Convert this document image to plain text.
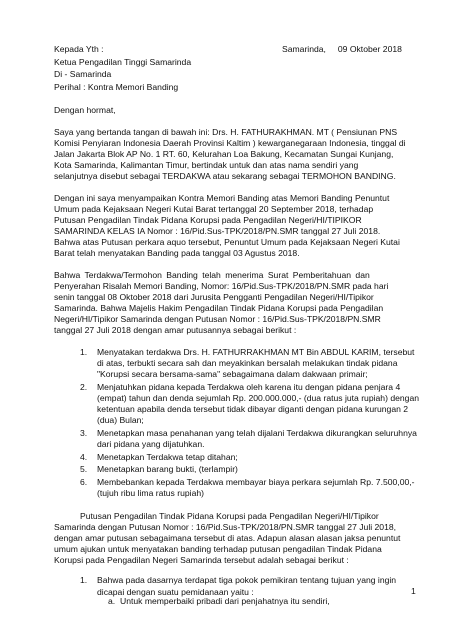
Kepada Yth :	Samarinda,     09 Oktober 2018
Ketua Pengadilan Tinggi Samarinda
Di - Samarinda
Perihal : Kontra Memori Banding
Dengan hormat,
Saya yang bertanda tangan di bawah ini: Drs. H. FATHURAKHMAN. MT ( Pensiunan PNS
Komisi Penyiaran Indonesia Daerah Provinsi Kaltim ) kewarganegaraan Indonesia, tinggal di
Jalan Jakarta Blok AP No. 1 RT. 60, Kelurahan Loa Bakung, Kecamatan Sungai Kunjang,
Kota Samarinda, Kalimantan Timur, bertindak untuk dan atas nama sendiri yang
selanjutnya disebut sebagai TERDAKWA atau sekarang sebagai TERMOHON BANDING.
Dengan ini saya menyampaikan Kontra Memori Banding atas Memori Banding Penuntut
Umum pada Kejaksaan Negeri Kutai Barat tertanggal 20 September 2018, terhadap
Putusan Pengadilan Tindak Pidana Korupsi pada Pengadilan Negeri/HI/TIPIKOR
SAMARINDA KELAS IA Nomor : 16/Pid.Sus-TPK/2018/PN.SMR tanggal 27 Juli 2018.
Bahwa atas Putusan perkara aquo tersebut, Penuntut Umum pada Kejaksaan Negeri Kutai
Barat telah menyatakan Banding pada tanggal 03 Agustus 2018.
Bahwa Terdakwa/Termohon Banding telah menerima Surat Pemberitahuan dan
Penyerahan Risalah Memori Banding, Nomor: 16/Pid.Sus-TPK/2018/PN.SMR pada hari
senin tanggal 08 Oktober 2018 dari Jurusita Pengganti Pengadilan Negeri/HI/Tipikor
Samarinda. Bahwa Majelis Hakim Pengadilan Tindak Pidana Korupsi pada Pengadilan
Negeri/HI/Tipikor Samarinda dengan Putusan Nomor : 16/Pid.Sus-TPK/2018/PN.SMR
tanggal 27 Juli 2018 dengan amar putusannya sebagai berikut :
1. Menyatakan terdakwa Drs. H. FATHURRAKHMAN MT Bin ABDUL KARIM, tersebut
di atas, terbukti secara sah dan meyakinkan bersalah melakukan tindak pidana
"Korupsi secara bersama-sama" sebagaimana dalam dakwaan primair;
2. Menjatuhkan pidana kepada Terdakwa oleh karena itu dengan pidana penjara 4
(empat) tahun dan denda sejumlah Rp. 200.000.000,- (dua ratus juta rupiah) dengan
ketentuan apabila denda tersebut tidak dibayar diganti dengan pidana kurungan 2
(dua) Bulan;
3. Menetapkan masa penahanan yang telah dijalani Terdakwa dikurangkan seluruhnya
dari pidana yang dijatuhkan.
4. Menetapkan Terdakwa tetap ditahan;
5. Menetapkan barang bukti, (terlampir)
6. Membebankan kepada Terdakwa membayar biaya perkara sejumlah Rp. 7.500,00,-
(tujuh ribu lima ratus rupiah)
Putusan Pengadilan Tindak Pidana Korupsi pada Pengadilan Negeri/HI/Tipikor
Samarinda dengan Putusan Nomor : 16/Pid.Sus-TPK/2018/PN.SMR tanggal 27 Juli 2018,
dengan amar putusan sebagaimana tersebut di atas. Adapun alasan alasan jaksa penuntut
umum ajukan untuk menyatakan banding terhadap putusan pengadilan Tindak Pidana
Korupsi pada Pengadilan Negeri Samarinda tersebut adalah sebagai berikut :
1. Bahwa pada dasarnya terdapat tiga pokok pemikiran tentang tujuan yang ingin
dicapai dengan suatu pemidanaan yaitu :
a. Untuk memperbaiki pribadi dari penjahatnya itu sendiri,
1
